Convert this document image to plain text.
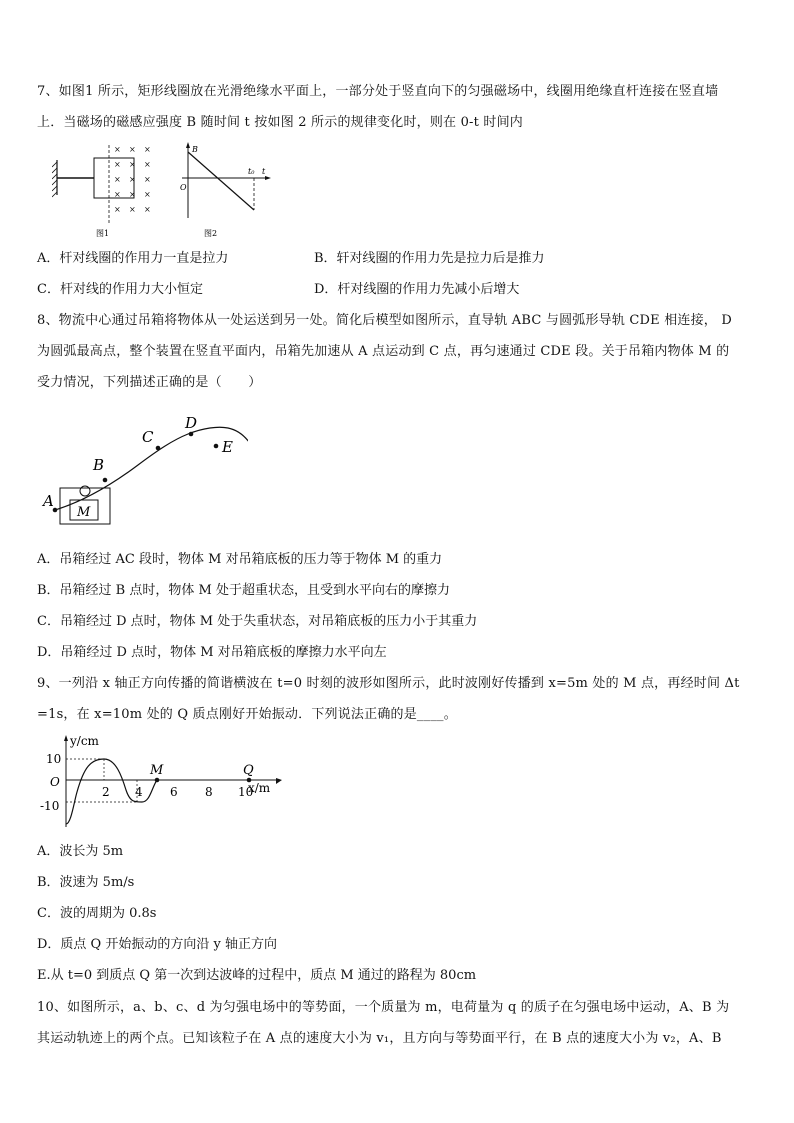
7、如图1 所示，矩形线圈放在光滑绝缘水平面上，一部分处于竖直向下的匀强磁场中，线圈用绝缘直杆连接在竖直墙
上．当磁场的磁感应强度 B 随时间 t 按如图 2 所示的规律变化时，则在 0-t 时间内
× × ×
× × ×
× × ×
× × ×
× × ×
图1
B
t
O
t₀
图2
A．杆对线圈的作用力一直是拉力	B．轩对线圈的作用力先是拉力后是推力
C．杆对线的作用力大小恒定	D．杆对线圈的作用力先减小后增大
8、物流中心通过吊箱将物体从一处运送到另一处。简化后模型如图所示，直导轨 ABC 与圆弧形导轨 CDE 相连接， D
为圆弧最高点，整个装置在竖直平面内，吊箱先加速从 A 点运动到 C 点，再匀速通过 CDE 段。关于吊箱内物体 M 的
受力情况，下列描述正确的是（　　）
A
B
C
D
E
M
A．吊箱经过 AC 段时，物体 M 对吊箱底板的压力等于物体 M 的重力
B．吊箱经过 B 点时，物体 M 处于超重状态，且受到水平向右的摩擦力
C．吊箱经过 D 点时，物体 M 处于失重状态，对吊箱底板的压力小于其重力
D．吊箱经过 D 点时，物体 M 对吊箱底板的摩擦力水平向左
9、一列沿 x 轴正方向传播的简谐横波在 t=0 时刻的波形如图所示，此时波刚好传播到 x=5m 处的 M 点，再经时间 Δt
=1s，在 x=10m 处的 Q 质点刚好开始振动．下列说法正确的是____。
y/cm
x/m
O
10
-10
2 4 6 8 10
M	Q
A．波长为 5m
B．波速为 5m/s
C．波的周期为 0.8s
D．质点 Q 开始振动的方向沿 y 轴正方向
E.从 t=0 到质点 Q 第一次到达波峰的过程中，质点 M 通过的路程为 80cm
10、如图所示，a、b、c、d 为匀强电场中的等势面，一个质量为 m，电荷量为 q 的质子在匀强电场中运动，A、B 为
其运动轨迹上的两个点。已知该粒子在 A 点的速度大小为 v₁，且方向与等势面平行，在 B 点的速度大小为 v₂，A、B
